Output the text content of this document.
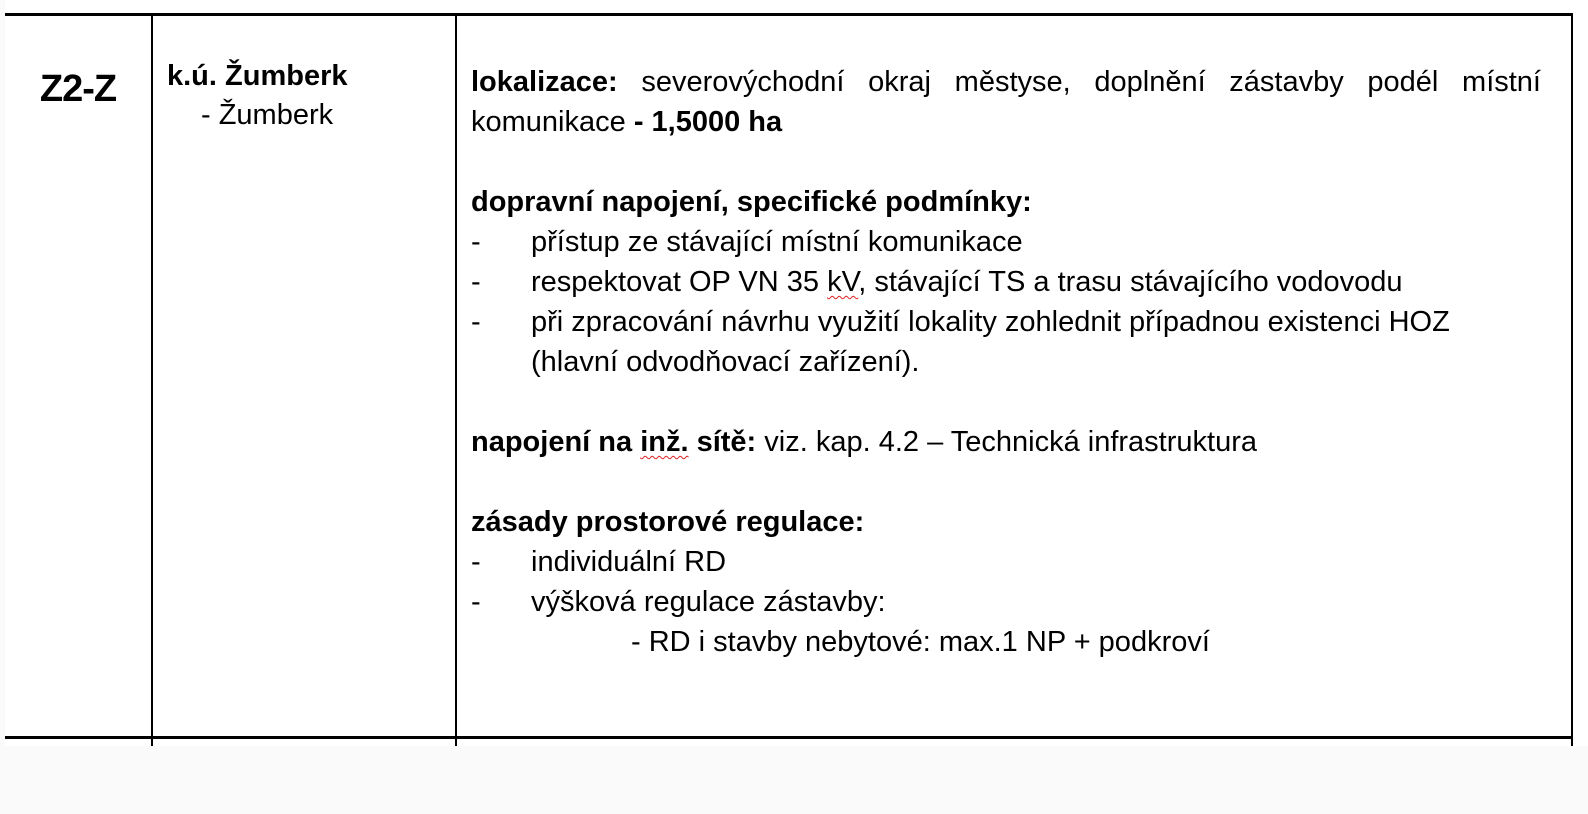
Z2-Z	k.ú. Žumberk
- Žumberk
lokalizace: severovýchodní okraj městyse, doplnění zástavby podél místní komunikace - 1,5000 ha
dopravní napojení, specifické podmínky:
- přístup ze stávající místní komunikace
- respektovat OP VN 35 kV, stávající TS a trasu stávajícího vodovodu
- při zpracování návrhu využití lokality zohlednit případnou existenci HOZ (hlavní odvodňovací zařízení).
napojení na inž. sítě: viz. kap. 4.2 – Technická infrastruktura
zásady prostorové regulace:
- individuální RD
- výšková regulace zástavby:
- RD i stavby nebytové: max.1 NP + podkroví
